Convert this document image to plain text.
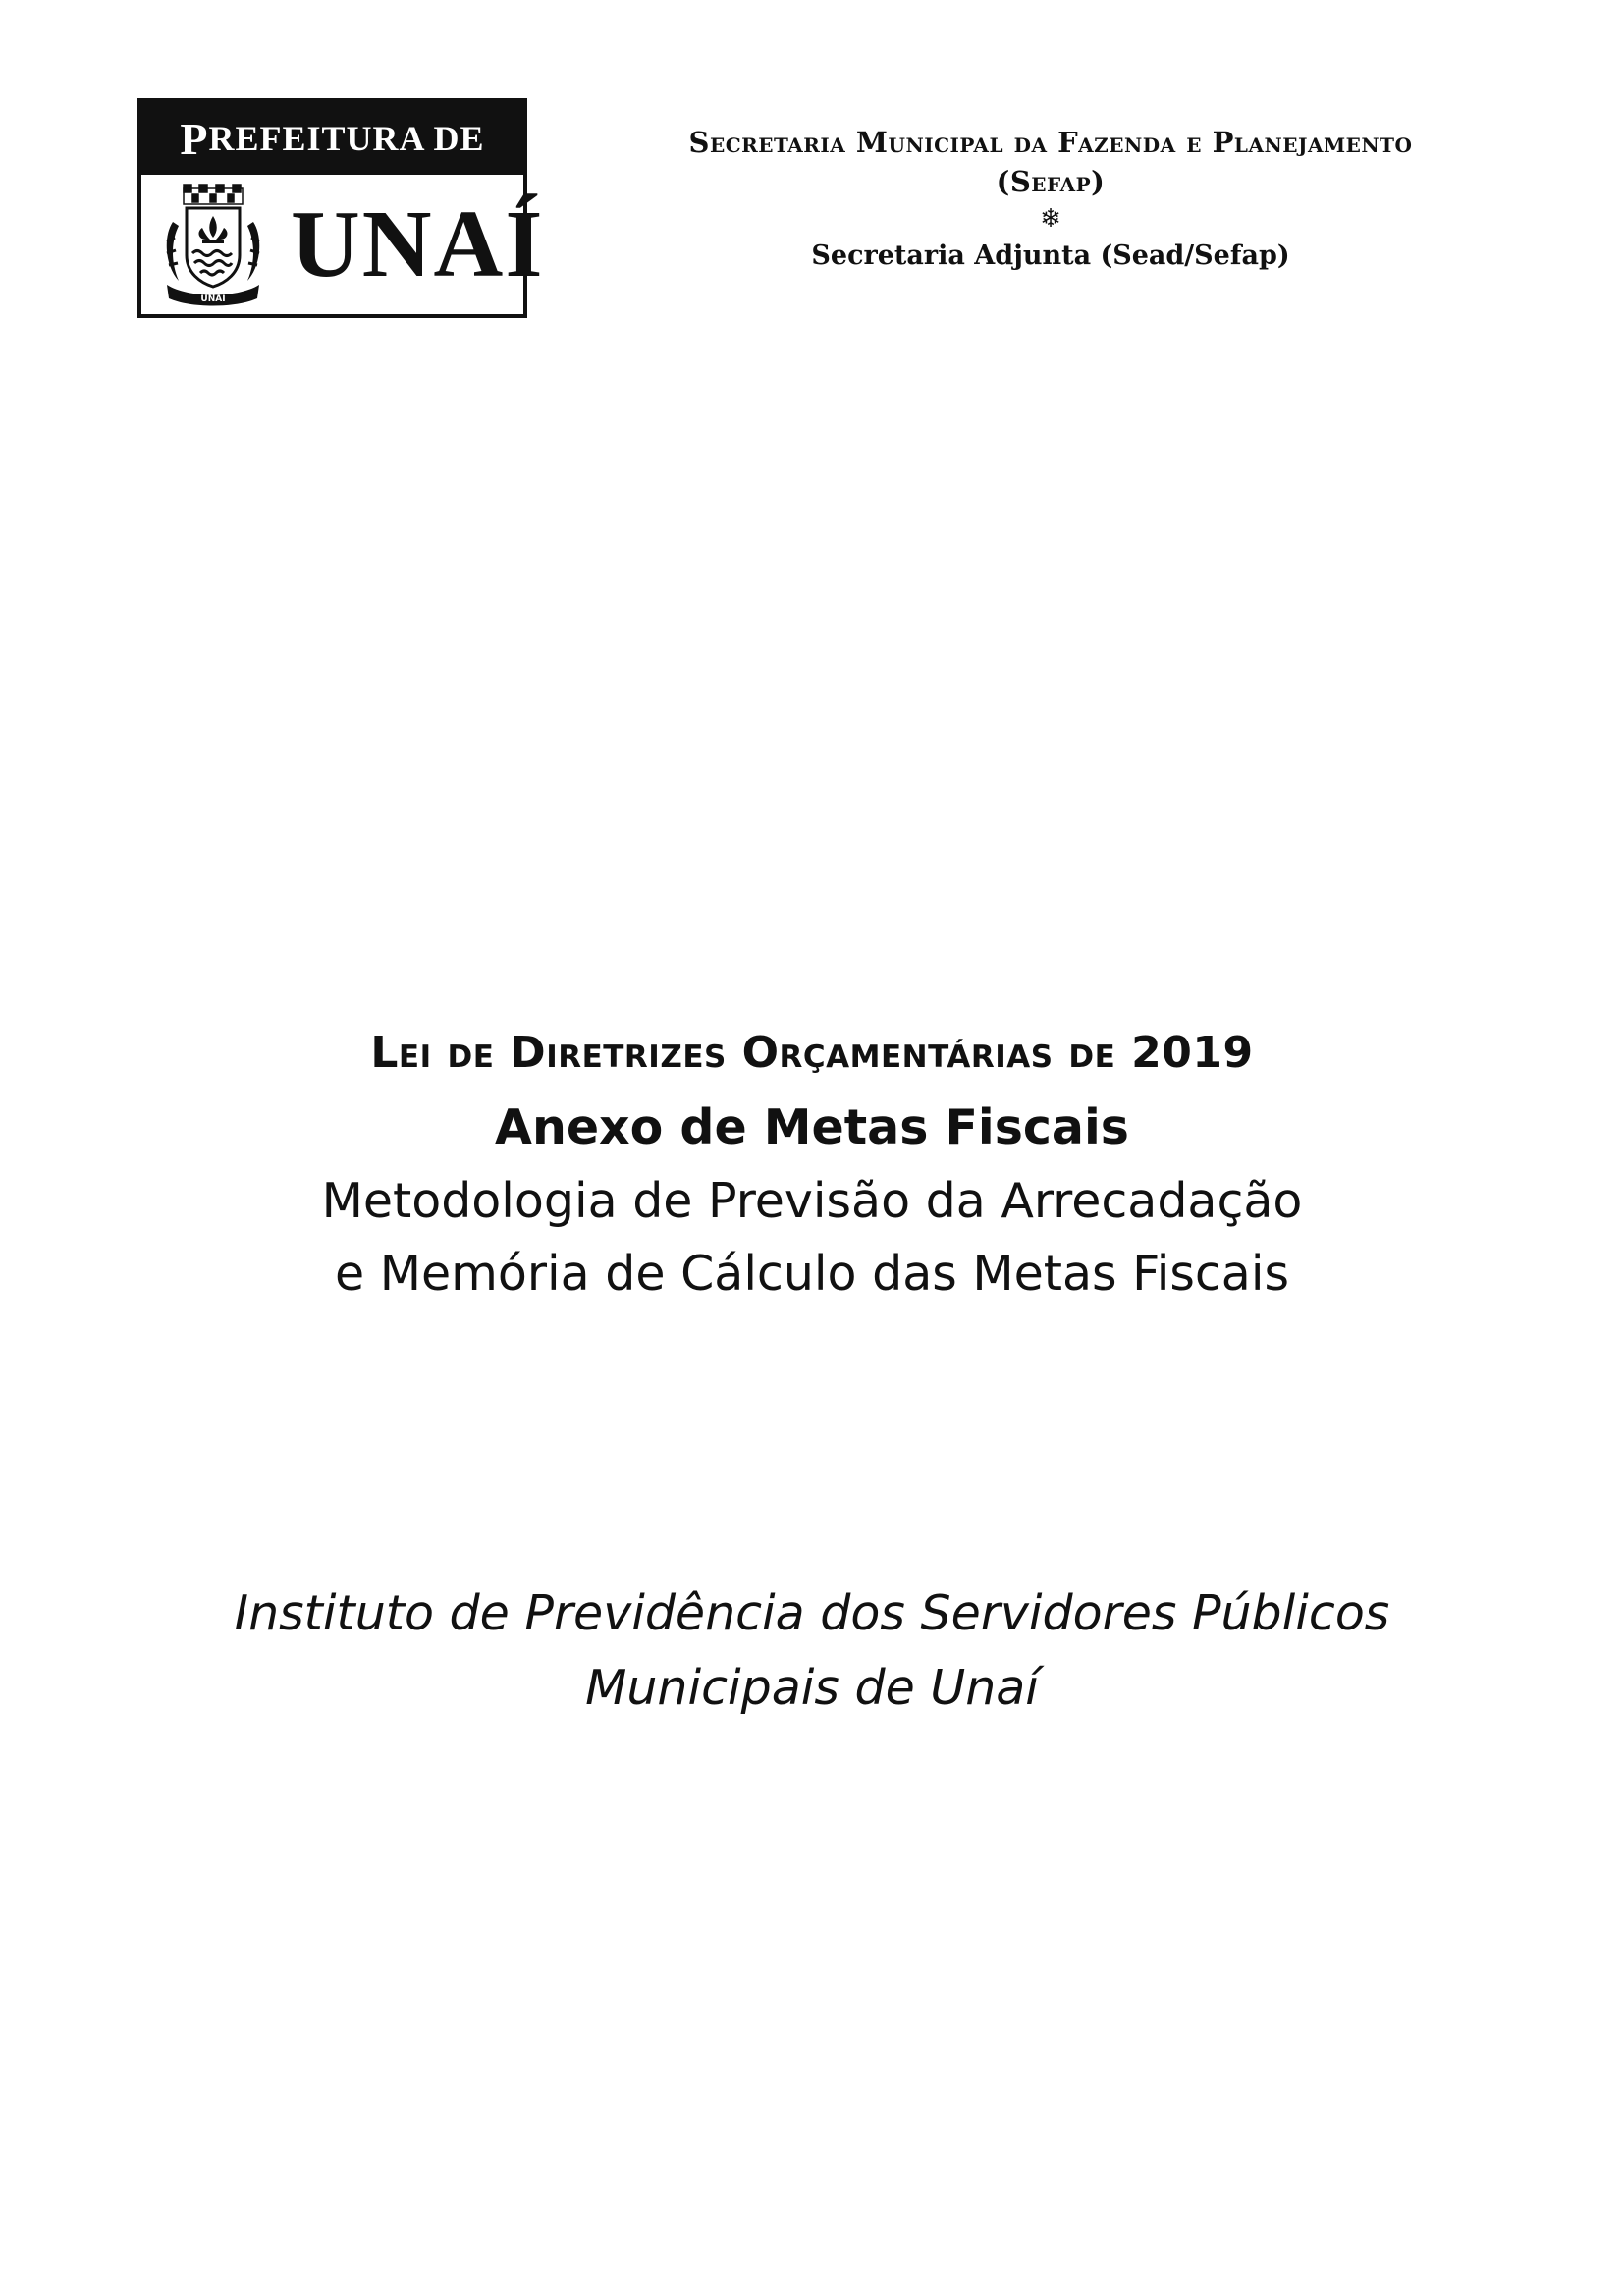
P REFEITURA DE
UNAÍ
UNAÍ
Secretaria Municipal da Fazenda e Planejamento
(Sefap)
❄
Secretaria Adjunta (Sead/Sefap)
Lei de Diretrizes Orçamentárias de 2019
Anexo de Metas Fiscais
Metodologia de Previsão da Arrecadação
e Memória de Cálculo das Metas Fiscais
Instituto de Previdência dos Servidores Públicos
Municipais de Unaí
